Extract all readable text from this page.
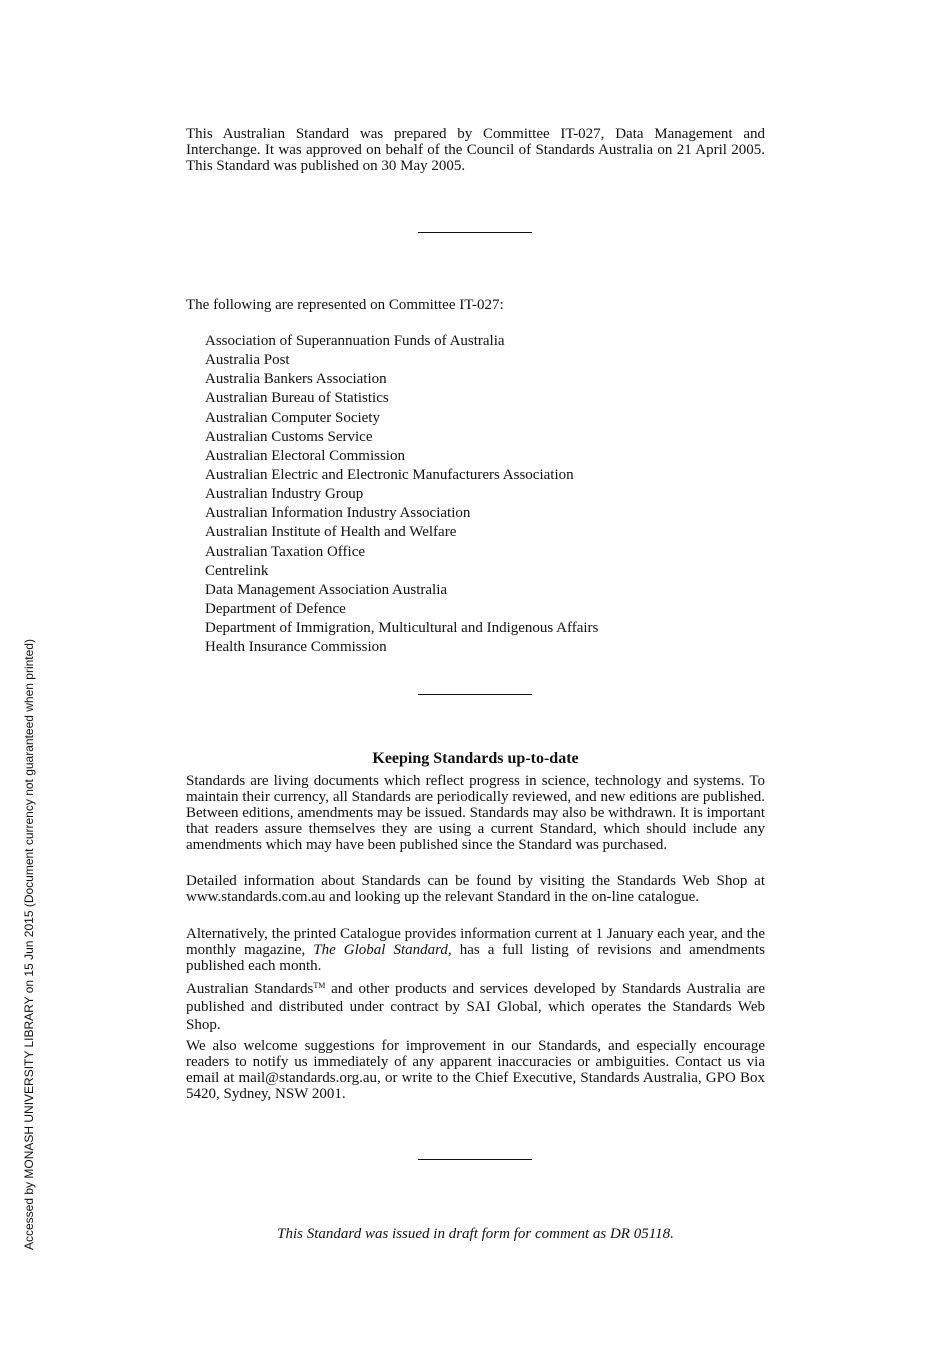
This Australian Standard was prepared by Committee IT-027, Data Management and Interchange. It was approved on behalf of the Council of Standards Australia on 21 April 2005. This Standard was published on 30 May 2005.

The following are represented on Committee IT-027:

Association of Superannuation Funds of Australia
Australia Post
Australia Bankers Association
Australian Bureau of Statistics
Australian Computer Society
Australian Customs Service
Australian Electoral Commission
Australian Electric and Electronic Manufacturers Association
Australian Industry Group
Australian Information Industry Association
Australian Institute of Health and Welfare
Australian Taxation Office
Centrelink
Data Management Association Australia
Department of Defence
Department of Immigration, Multicultural and Indigenous Affairs
Health Insurance Commission
Keeping Standards up-to-date

Standards are living documents which reflect progress in science, technology and systems. To maintain their currency, all Standards are periodically reviewed, and new editions are published. Between editions, amendments may be issued. Standards may also be withdrawn. It is important that readers assure themselves they are using a current Standard, which should include any amendments which may have been published since the Standard was purchased.

Detailed information about Standards can be found by visiting the Standards Web Shop at www.standards.com.au and looking up the relevant Standard in the on-line catalogue.

Alternatively, the printed Catalogue provides information current at 1 January each year, and the monthly magazine, The Global Standard, has a full listing of revisions and amendments published each month.

Australian Standards™ and other products and services developed by Standards Australia are published and distributed under contract by SAI Global, which operates the Standards Web Shop.

We also welcome suggestions for improvement in our Standards, and especially encourage readers to notify us immediately of any apparent inaccuracies or ambiguities. Contact us via email at mail@standards.org.au, or write to the Chief Executive, Standards Australia, GPO Box 5420, Sydney, NSW 2001.

This Standard was issued in draft form for comment as DR 05118.

Accessed by MONASH UNIVERSITY LIBRARY on 15 Jun 2015 (Document currency not guaranteed when printed)
